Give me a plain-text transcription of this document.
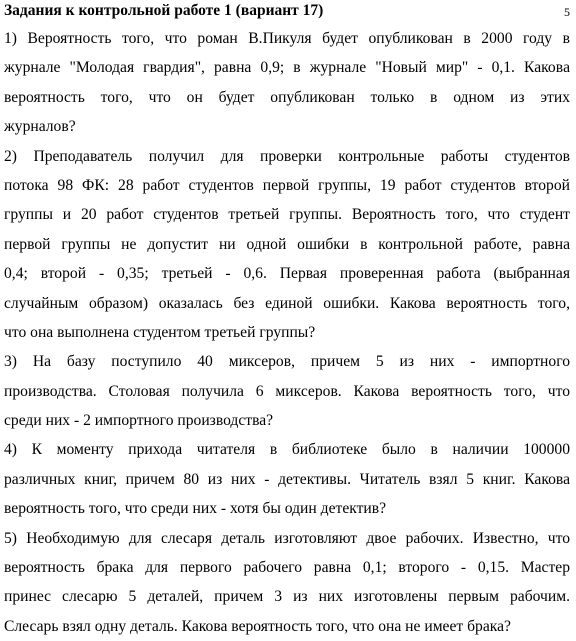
Задания к контрольной работе 1 (вариант 17)	5
1) Вероятность того, что роман В.Пикуля будет опубликован в 2000 году в
журнале "Молодая гвардия", равна 0,9; в журнале "Новый мир" - 0,1. Каковa
вероятность того, что он будет опубликован только в одном из этих
журналов?
2) Преподаватель получил для проверки контрольные работы студентов
потока 98 ФК: 28 работ студентов первой группы, 19 работ студентов второй
группы и 20 работ студентов третьей группы. Вероятность того, что студент
первой группы не допустит ни одной ошибки в контрольной работе, равна
0,4; второй - 0,35; третьей - 0,6. Первая проверенная работа (выбранная
случайным образом) оказалась без единой ошибки. Какова вероятность того,
что она выполнена студентом третьей группы?
3) На базу поступило 40 миксеров, причем 5 из них - импортного
производства. Столовая получила 6 миксеров. Какова вероятность того, что
среди них - 2 импортного производства?
4) К моменту прихода читателя в библиотеке было в наличии 100000
различных книг, причем 80 из них - детективы. Читатель взял 5 книг. Какова
вероятность того, что среди них - хотя бы один детектив?
5) Необходимую для слесаря деталь изготовляют двое рабочих. Известно, что
вероятность брака для первого рабочего равна 0,1; второго - 0,15. Мастер
принес слесарю 5 деталей, причем 3 из них изготовлены первым рабочим.
Слесарь взял одну деталь. Какова вероятность того, что она не имеет брака?
